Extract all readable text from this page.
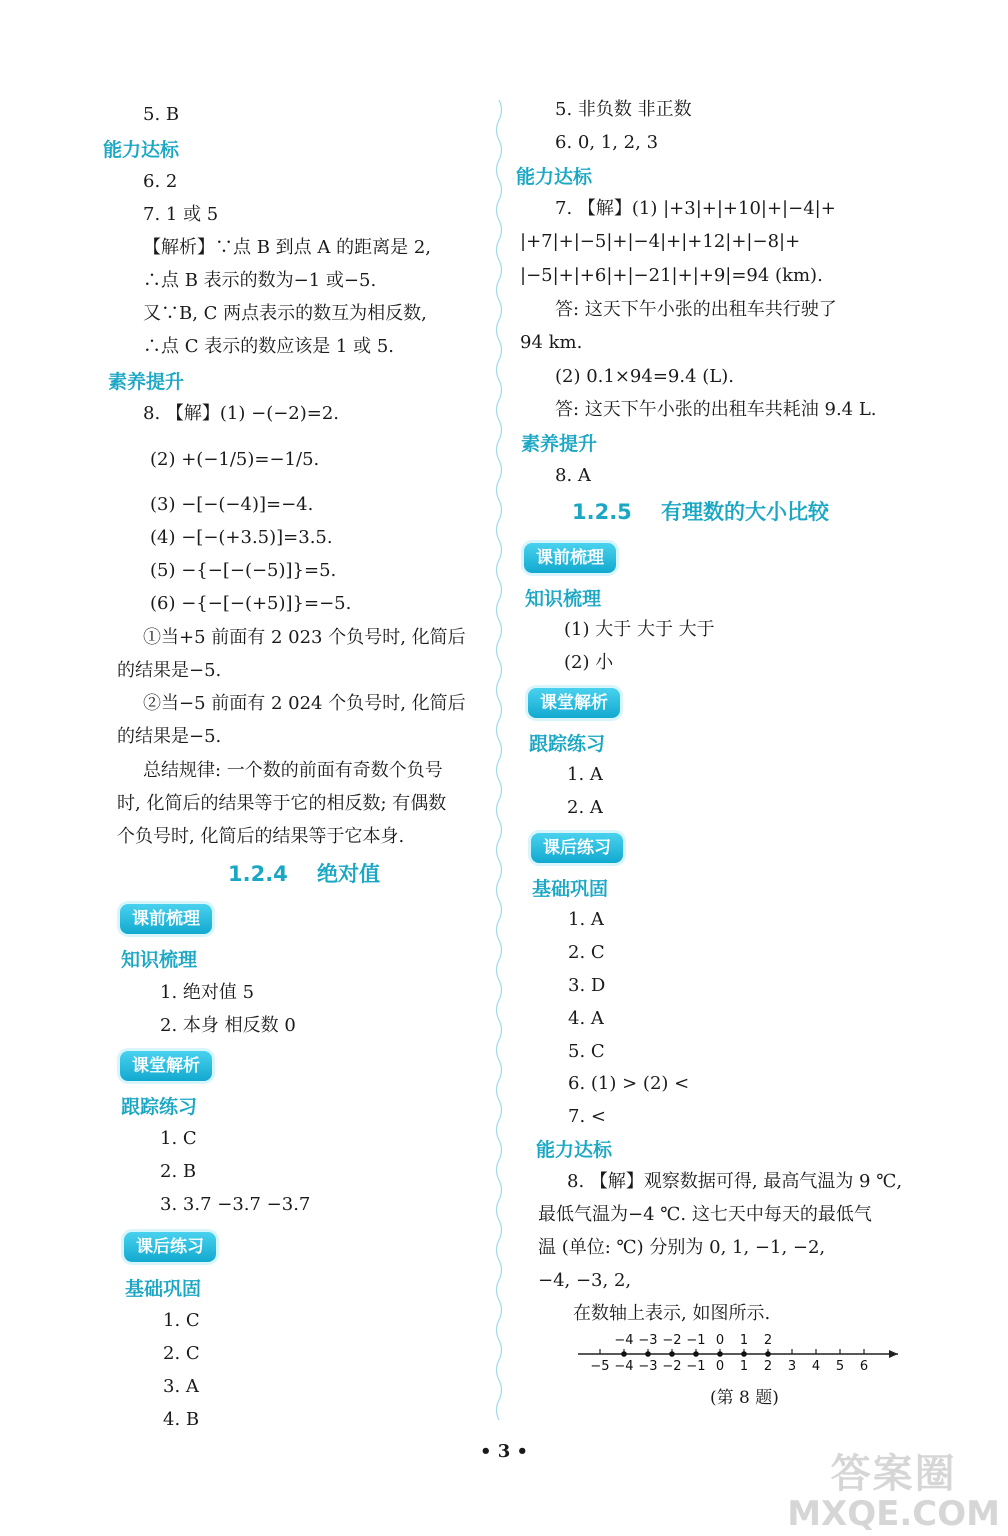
5. B
能力达标
6. 2
7. 1 或 5
【解析】∵点 B 到点 A 的距离是 2,
∴点 B 表示的数为−1 或−5.
又∵B, C 两点表示的数互为相反数,
∴点 C 表示的数应该是 1 或 5.
素养提升
8. 【解】(1) −(−2)=2.
(2) +(−1/5)=−1/5.
(3) −[−(−4)]=−4.
(4) −[−(+3.5)]=3.5.
(5) −{−[−(−5)]}=5.
(6) −{−[−(+5)]}=−5.
①当+5 前面有 2 023 个负号时, 化简后
的结果是−5.
②当−5 前面有 2 024 个负号时, 化简后
的结果是−5.
总结规律: 一个数的前面有奇数个负号
时, 化简后的结果等于它的相反数; 有偶数
个负号时, 化简后的结果等于它本身.
1.2.4    绝对值
课前梳理
知识梳理
1. 绝对值 5
2. 本身 相反数 0
课堂解析
跟踪练习
1. C
2. B
3. 3.7 −3.7 −3.7
课后练习
基础巩固
1. C
2. C
3. A
4. B
5. 非负数 非正数
6. 0, 1, 2, 3
能力达标
7. 【解】(1) |+3|+|+10|+|−4|+
|+7|+|−5|+|−4|+|+12|+|−8|+
|−5|+|+6|+|−21|+|+9|=94 (km).
答: 这天下午小张的出租车共行驶了
94 km.
(2) 0.1×94=9.4 (L).
答: 这天下午小张的出租车共耗油 9.4 L.
素养提升
8. A
1.2.5    有理数的大小比较
课前梳理
知识梳理
(1) 大于 大于 大于
(2) 小
课堂解析
跟踪练习
1. A
2. A
课后练习
基础巩固
1. A
2. C
3. D
4. A
5. C
6. (1) > (2) <
7. <
能力达标
8. 【解】观察数据可得, 最高气温为 9 ℃,
最低气温为−4 ℃. 这七天中每天的最低气
温 (单位: ℃) 分别为 0, 1, −1, −2,
−4, −3, 2,
在数轴上表示, 如图所示.
(第 8 题)
−5 −4 −3 −2 −1 0 1 2 3 4 5 6
−4 −3 −2 −1 0 1 2
• 3 •	答案圈
MXQE.COM
